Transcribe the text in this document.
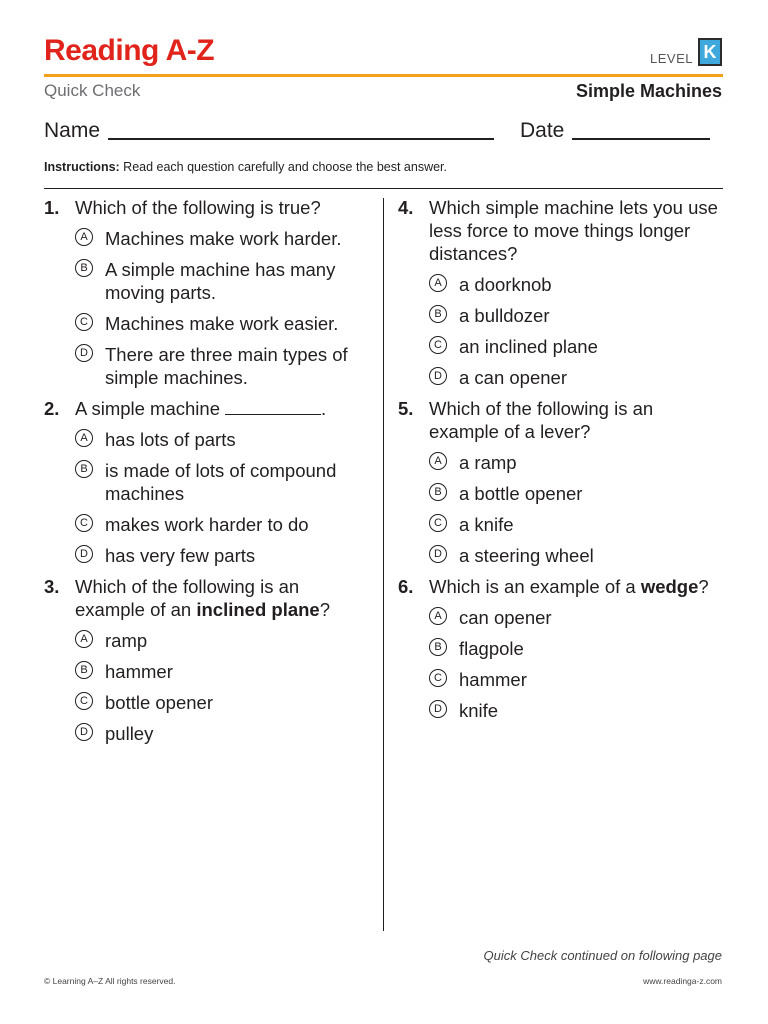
Reading A-Z	LEVEL K
Quick Check	Simple Machines
Name	Date
Instructions: Read each question carefully and choose the best answer.
1. Which of the following is true?
A Machines make work harder.
B A simple machine has many moving parts.
C Machines make work easier.
D There are three main types of simple machines.
2. A simple machine	.
A has lots of parts
B is made of lots of compound machines
C makes work harder to do
D has very few parts
3. Which of the following is an example of an inclined plane?
A ramp
B hammer
C bottle opener
D pulley
4. Which simple machine lets you use less force to move things longer distances?
A a doorknob
B a bulldozer
C an inclined plane
D a can opener
5. Which of the following is an example of a lever?
A a ramp
B a bottle opener
C a knife
D a steering wheel
6. Which is an example of a wedge?
A can opener
B flagpole
C hammer
D knife
Quick Check continued on following page
© Learning A–Z All rights reserved.	www.readinga-z.com
